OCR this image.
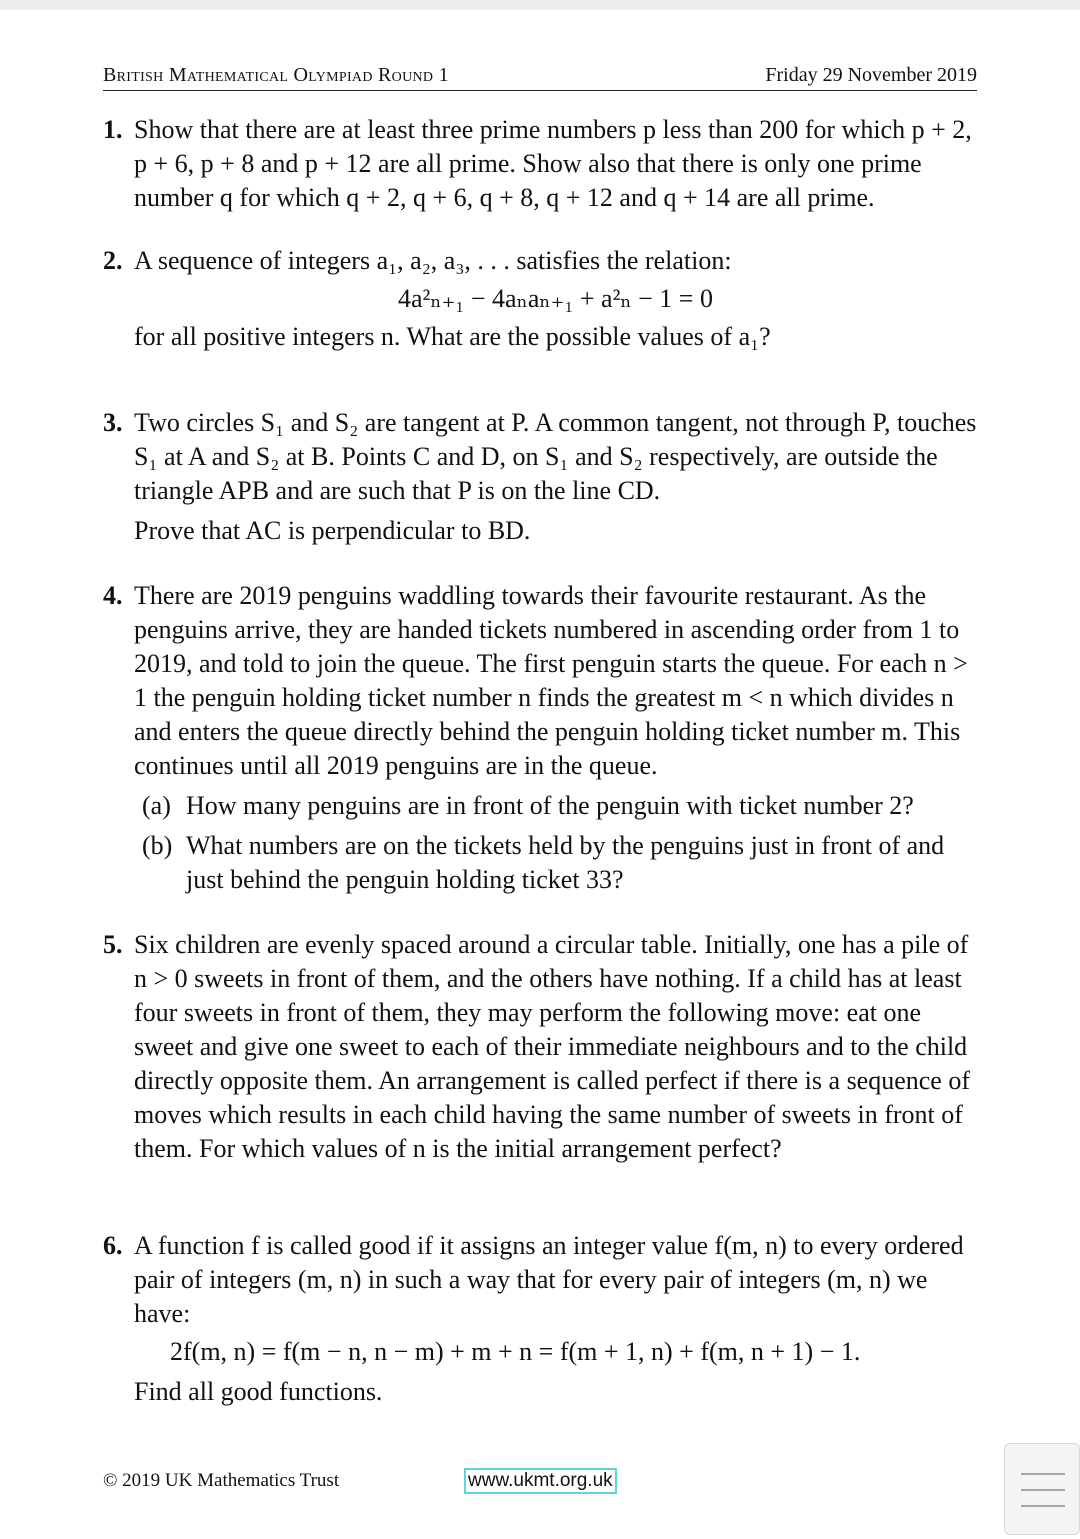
British Mathematical Olympiad Round 1	Friday 29 November 2019
1. Show that there are at least three prime numbers p less than 200 for which p + 2, p + 6, p + 8 and p + 12 are all prime. Show also that there is only one prime number q for which q + 2, q + 6, q + 8, q + 12 and q + 14 are all prime.
2. A sequence of integers a₁, a₂, a₃, . . . satisfies the relation:
4a²ₙ₊₁ − 4aₙaₙ₊₁ + a²ₙ − 1 = 0
for all positive integers n. What are the possible values of a₁?
3. Two circles S₁ and S₂ are tangent at P. A common tangent, not through P, touches S₁ at A and S₂ at B. Points C and D, on S₁ and S₂ respectively, are outside the triangle APB and are such that P is on the line CD.
Prove that AC is perpendicular to BD.
4. There are 2019 penguins waddling towards their favourite restaurant. As the penguins arrive, they are handed tickets numbered in ascending order from 1 to 2019, and told to join the queue. The first penguin starts the queue. For each n > 1 the penguin holding ticket number n finds the greatest m < n which divides n and enters the queue directly behind the penguin holding ticket number m. This continues until all 2019 penguins are in the queue.
(a) How many penguins are in front of the penguin with ticket number 2?
(b) What numbers are on the tickets held by the penguins just in front of and just behind the penguin holding ticket 33?
5. Six children are evenly spaced around a circular table. Initially, one has a pile of n > 0 sweets in front of them, and the others have nothing. If a child has at least four sweets in front of them, they may perform the following move: eat one sweet and give one sweet to each of their immediate neighbours and to the child directly opposite them. An arrangement is called perfect if there is a sequence of moves which results in each child having the same number of sweets in front of them. For which values of n is the initial arrangement perfect?
6. A function f is called good if it assigns an integer value f(m, n) to every ordered pair of integers (m, n) in such a way that for every pair of integers (m, n) we have:
2f(m, n) = f(m − n, n − m) + m + n = f(m + 1, n) + f(m, n + 1) − 1.
Find all good functions.
© 2019 UK Mathematics Trust	www.ukmt.org.uk
